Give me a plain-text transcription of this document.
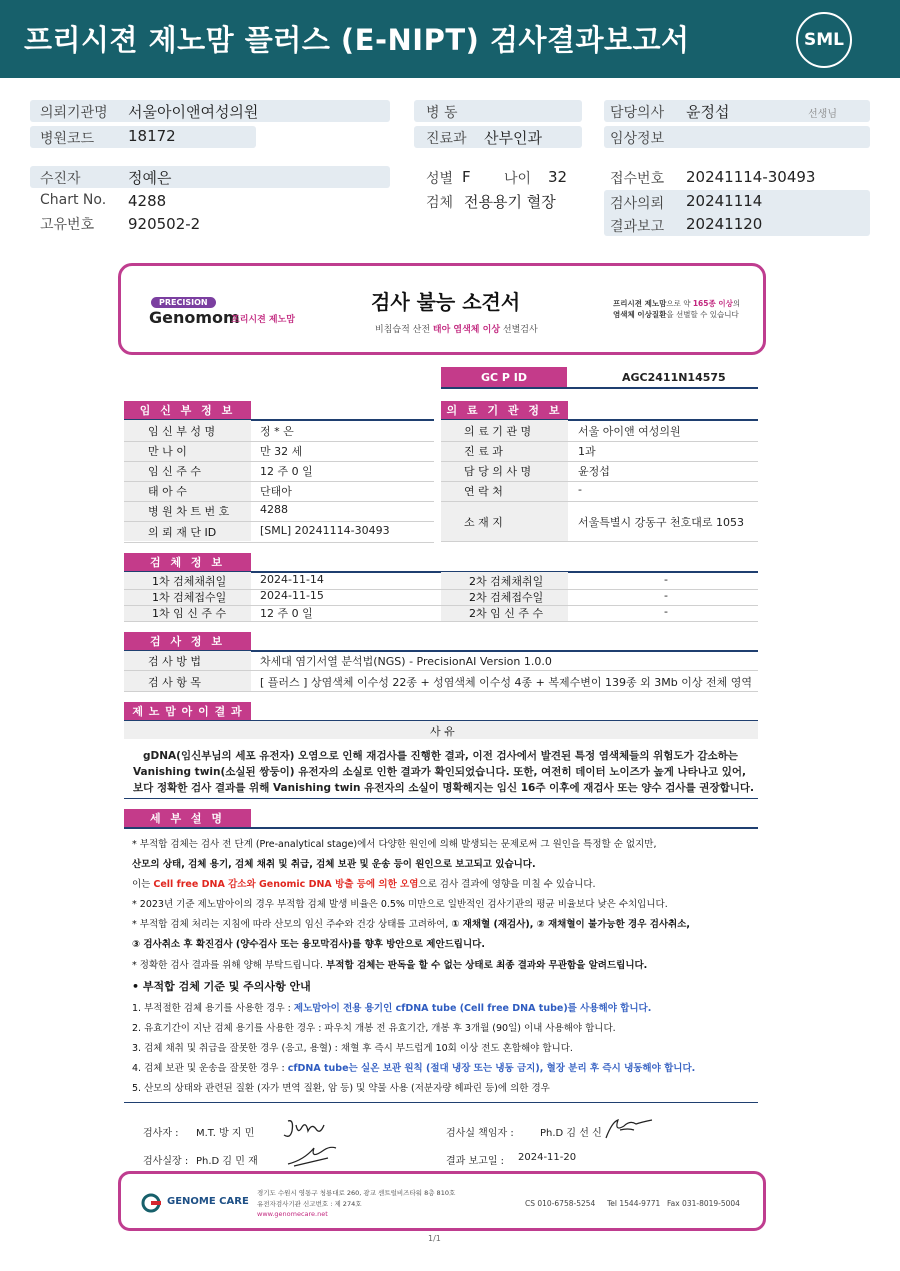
프리시젼 제노맘 플러스 (E-NIPT) 검사결과보고서	SML
의뢰기관명 서울아이앤여성의원
병원코드 18172
수진자	정예은
Chart No. 4288
고유번호 920502-2
병 동
진료과 산부인과
성별 F 나이 32
검체 전용용기 혈장
담당의사 윤정섭	선생님
임상정보
접수번호 20241114-30493
검사의뢰 20241114
결과보고 20241120
PRECISION
Genomom
프리시젼 제노맘
검사 불능 소견서
비침습적 산전 태아 염색체 이상 선별검사
프리시젼 제노맘으로 약 165종 이상의
염색체 이상질환을 선별할 수 있습니다
GC P ID	AGC2411N14575
임 신 부 정 보
임 신 부 성 명	정 * 은
만 나 이	만 32 세
임 신 주 수	12 주 0 일
태 아 수	단태아
병 원 차 트 번 호	4288
의 뢰 재 단 ID	[SML] 20241114-30493
의 료 기 관 정 보
의 료 기 관 명	서울 아이앤 여성의원
진 료 과	1과
담 당 의 사 명	윤정섭
연 락 처	-
소 재 지	서울특별시 강동구 천호대로 1053
검 체 정 보
1차 검체채취일	2024-11-14	2차 검체채취일	-
1차 검체접수일	2024-11-15	2차 검체접수일	-
1차 임 신 주 수	12 주 0 일	2차 임 신 주 수	-
검 사 정 보
검 사 방 법	차세대 염기서열 분석법(NGS) - PrecisionAI Version 1.0.0
검 사 항 목	[ 플러스 ] 상염색체 이수성 22종 + 성염색체 이수성 4종 + 복제수변이 139종 외 3Mb 이상 전체 영역
제 노 맘 아 이 결 과
사 유
gDNA(임신부님의 세포 유전자) 오염으로 인해 재검사를 진행한 결과, 이전 검사에서 발견된 특정 염색체들의 위험도가 감소하는
Vanishing twin(소실된 쌍둥이) 유전자의 소실로 인한 결과가 확인되었습니다. 또한, 여전히 데이터 노이즈가 높게 나타나고 있어,
보다 정확한 검사 결과를 위해 Vanishing twin 유전자의 소실이 명확해지는 임신 16주 이후에 재검사 또는 양수 검사를 권장합니다.
세 부 설 명
* 부적합 검체는 검사 전 단계 (Pre-analytical stage)에서 다양한 원인에 의해 발생되는 문제로써 그 원인을 특정할 순 없지만,
산모의 상태, 검체 용기, 검체 채취 및 취급, 검체 보관 및 운송 등이 원인으로 보고되고 있습니다.
이는 Cell free DNA 감소와 Genomic DNA 방출 등에 의한 오염으로 검사 결과에 영향을 미칠 수 있습니다.
* 2023년 기준 제노맘아이의 경우 부적합 검체 발생 비율은 0.5% 미만으로 일반적인 검사기관의 평균 비율보다 낮은 수치입니다.
* 부적합 검체 처리는 지침에 따라 산모의 임신 주수와 건강 상태를 고려하여, ① 재채혈 (재검사), ② 재채혈이 불가능한 경우 검사취소,
③ 검사취소 후 확진검사 (양수검사 또는 융모막검사)를 향후 방안으로 제안드립니다.
* 정확한 검사 결과를 위해 양해 부탁드립니다. 부적합 검체는 판독을 할 수 없는 상태로 최종 결과와 무관함을 알려드립니다.
• 부적합 검체 기준 및 주의사항 안내
1. 부적절한 검체 용기를 사용한 경우 : 제노맘아이 전용 용기인 cfDNA tube (Cell free DNA tube)를 사용해야 합니다.
2. 유효기간이 지난 검체 용기를 사용한 경우 : 파우치 개봉 전 유효기간, 개봉 후 3개월 (90일) 이내 사용해야 합니다.
3. 검체 채취 및 취급을 잘못한 경우 (응고, 용혈) : 채혈 후 즉시 부드럽게 10회 이상 전도 혼합해야 합니다.
4. 검체 보관 및 운송을 잘못한 경우 : cfDNA tube는 실온 보관 원칙 (절대 냉장 또는 냉동 금지), 혈장 분리 후 즉시 냉동해야 합니다.
5. 산모의 상태와 관련된 질환 (자가 면역 질환, 암 등) 및 약물 사용 (저분자량 헤파린 등)에 의한 경우
검사자 : M.T. 방 지 민
검사실장 : Ph.D 김 민 재
검사실 책임자 :	Ph.D 김 선 신
결과 보고일 : 2024-11-20
GENOME CARE
경기도 수원시 영통구 청룡대로 260, 광교 센트럴비즈타워 8층 810호
유전자검사기관 신고번호 : 제 274호
www.genomecare.net
CS 010-6758-5254 Tel 1544-9771 Fax 031-8019-5004
1/1
